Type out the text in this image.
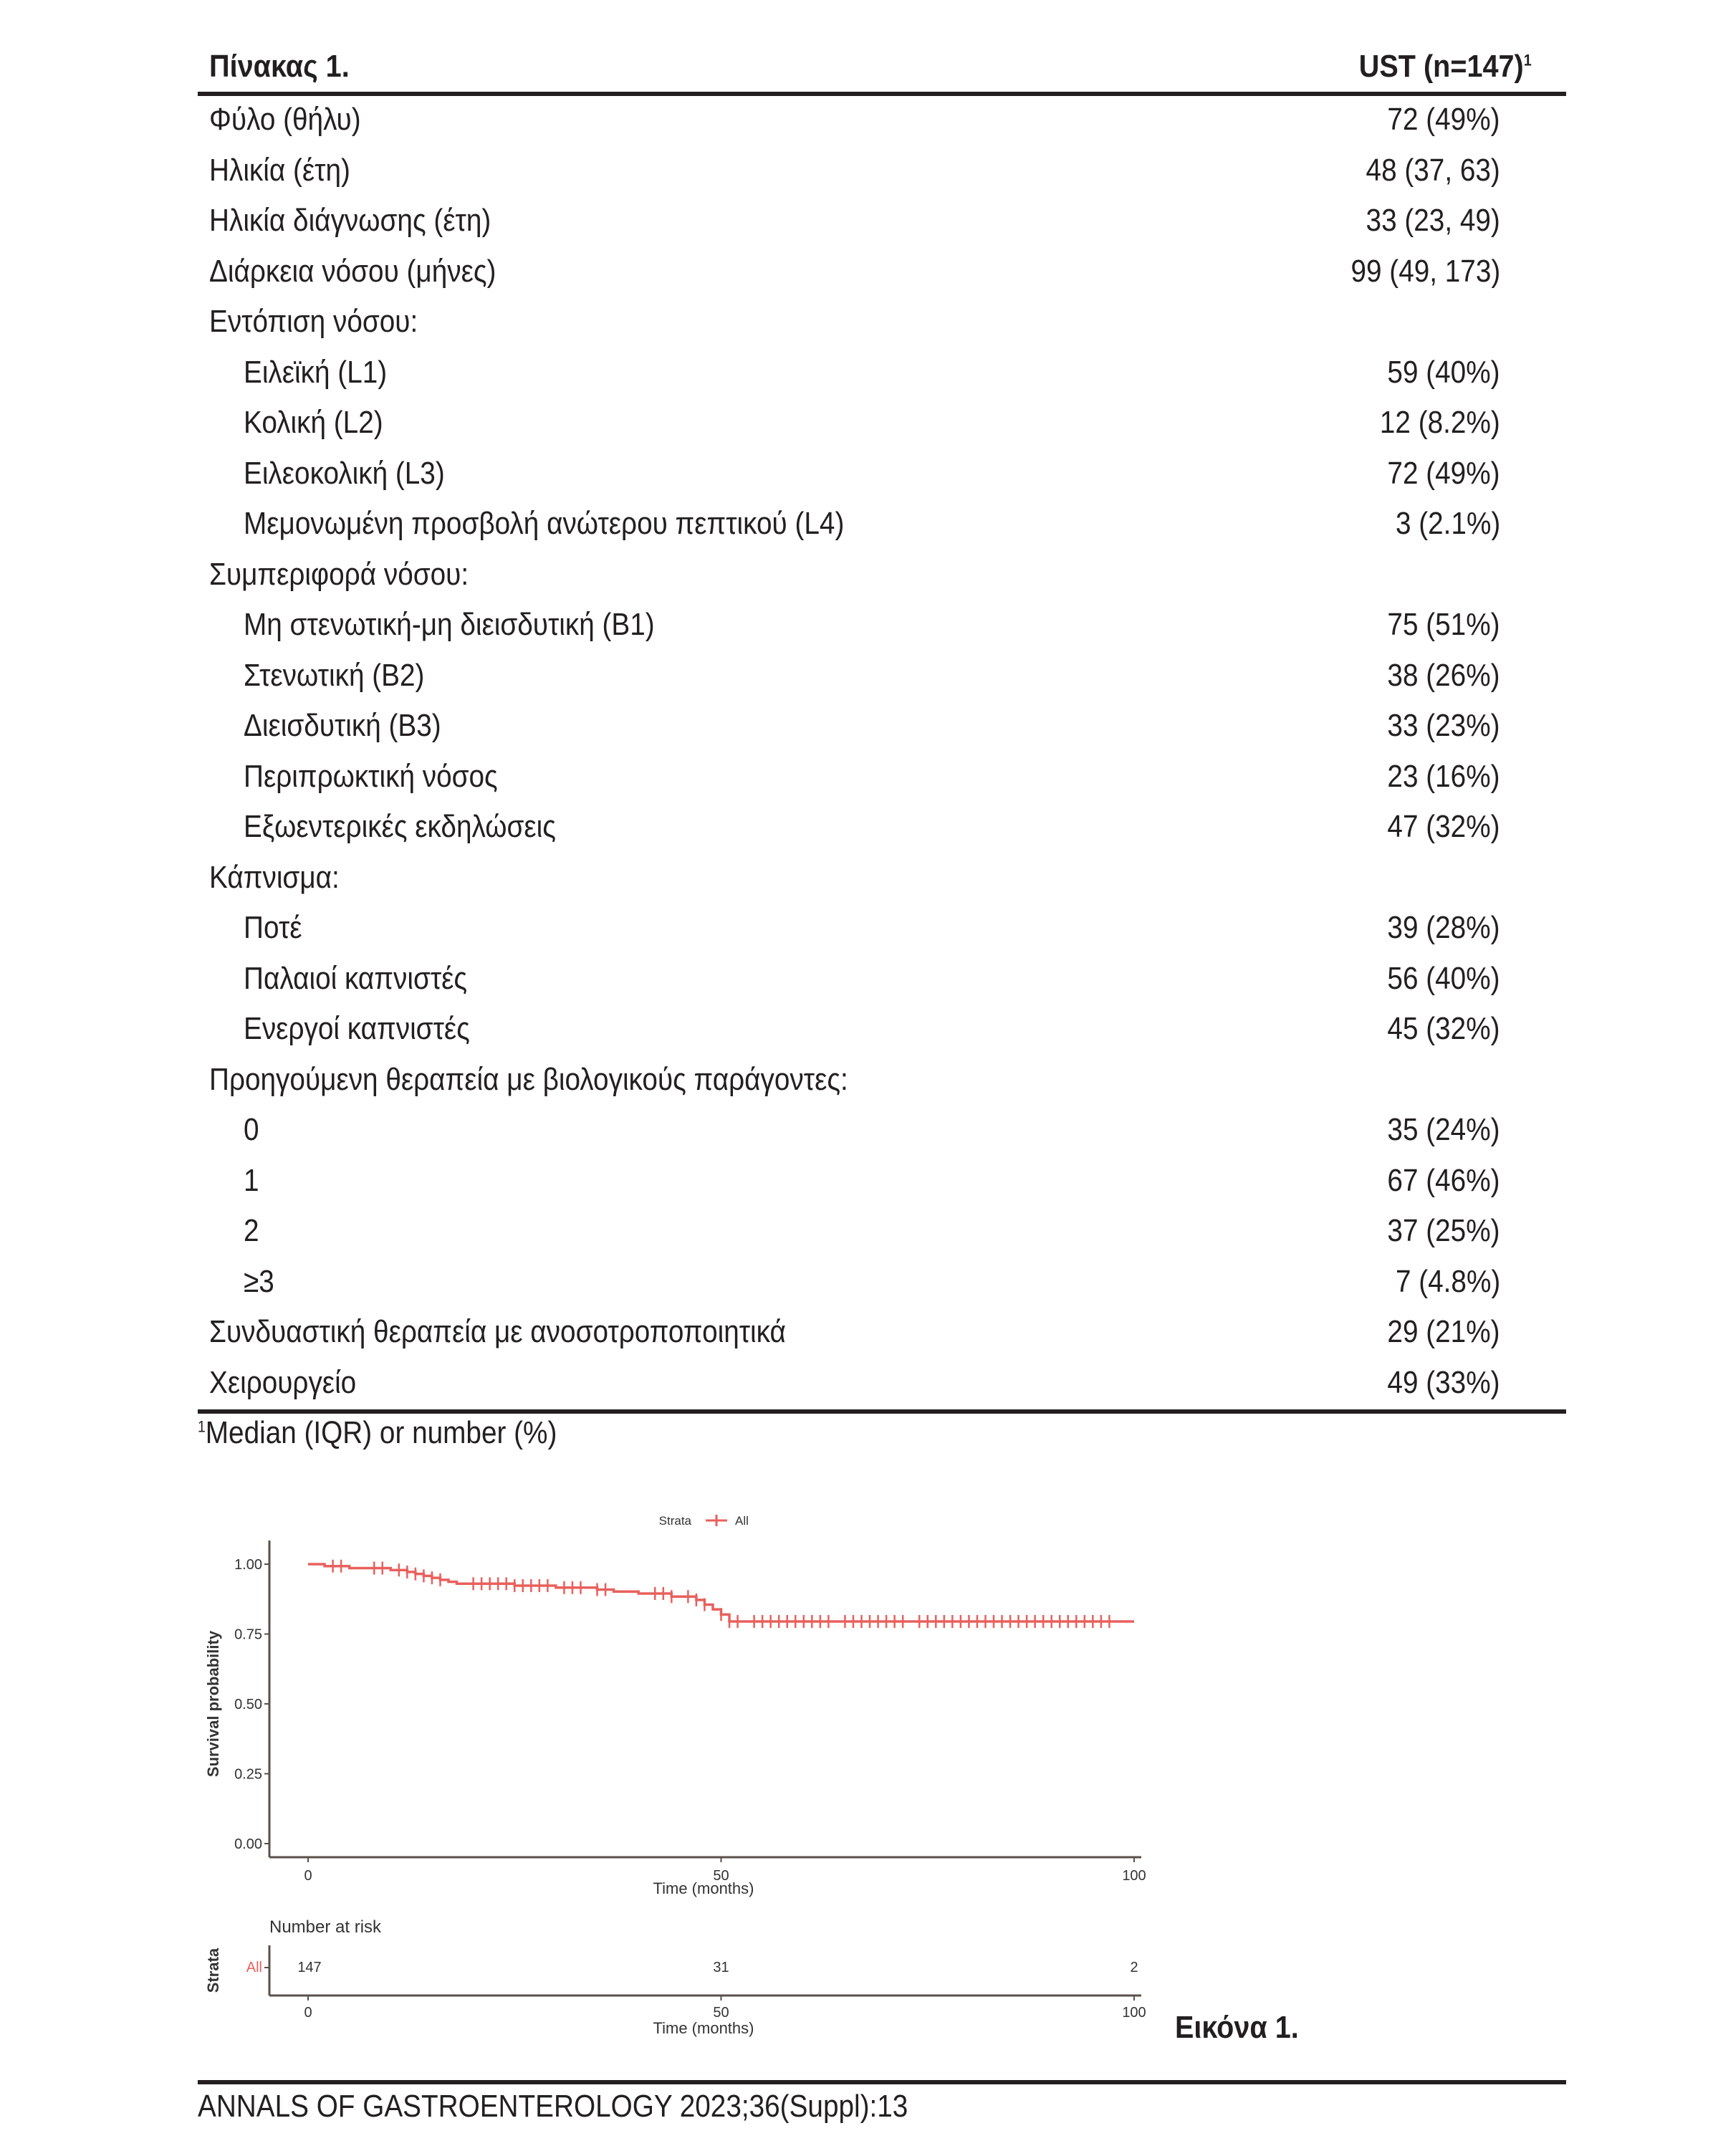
Πίνακας 1.	UST (n=147)$^1$
Φύλο (θήλυ)	72 (49%)
Ηλικία (έτη)	48 (37, 63)
Ηλικία διάγνωσης (έτη)	33 (23, 49)
Διάρκεια νόσου (μήνες)	99 (49, 173)
Εντόπιση νόσου:
Ειλεϊκή (L1)	59 (40%)
Κολική (L2)	12 (8.2%)
Ειλεοκολική (L3)	72 (49%)
Μεμονωμένη προσβολή ανώτερου πεπτικού (L4)	3 (2.1%)
Συμπεριφορά νόσου:
Μη στενωτική-μη διεισδυτική (B1)	75 (51%)
Στενωτική (B2)	38 (26%)
Διεισδυτική (B3)	33 (23%)
Περιπρωκτική νόσος	23 (16%)
Εξωεντερικές εκδηλώσεις	47 (32%)
Κάπνισμα:
Ποτέ	39 (28%)
Παλαιοί καπνιστές	56 (40%)
Ενεργοί καπνιστές	45 (32%)
Προηγούμενη θεραπεία με βιολογικούς παράγοντες:
0	35 (24%)
1	67 (46%)
2	37 (25%)
≥3	7 (4.8%)
Συνδυαστική θεραπεία με ανοσοτροποποιητικά	29 (21%)
Χειρουργείο	49 (33%)
$^1$Median (IQR) or number (%)
Strata	All
0.00
0.25
0.50
0.75
1.00
0	50	100
Time (months)
Survival probability
Number at risk
All
Strata	147
0
31
50
2
100
Time (months)	Εικόνα 1.
ANNALS OF GASTROENTEROLOGY 2023;36(Suppl):13
